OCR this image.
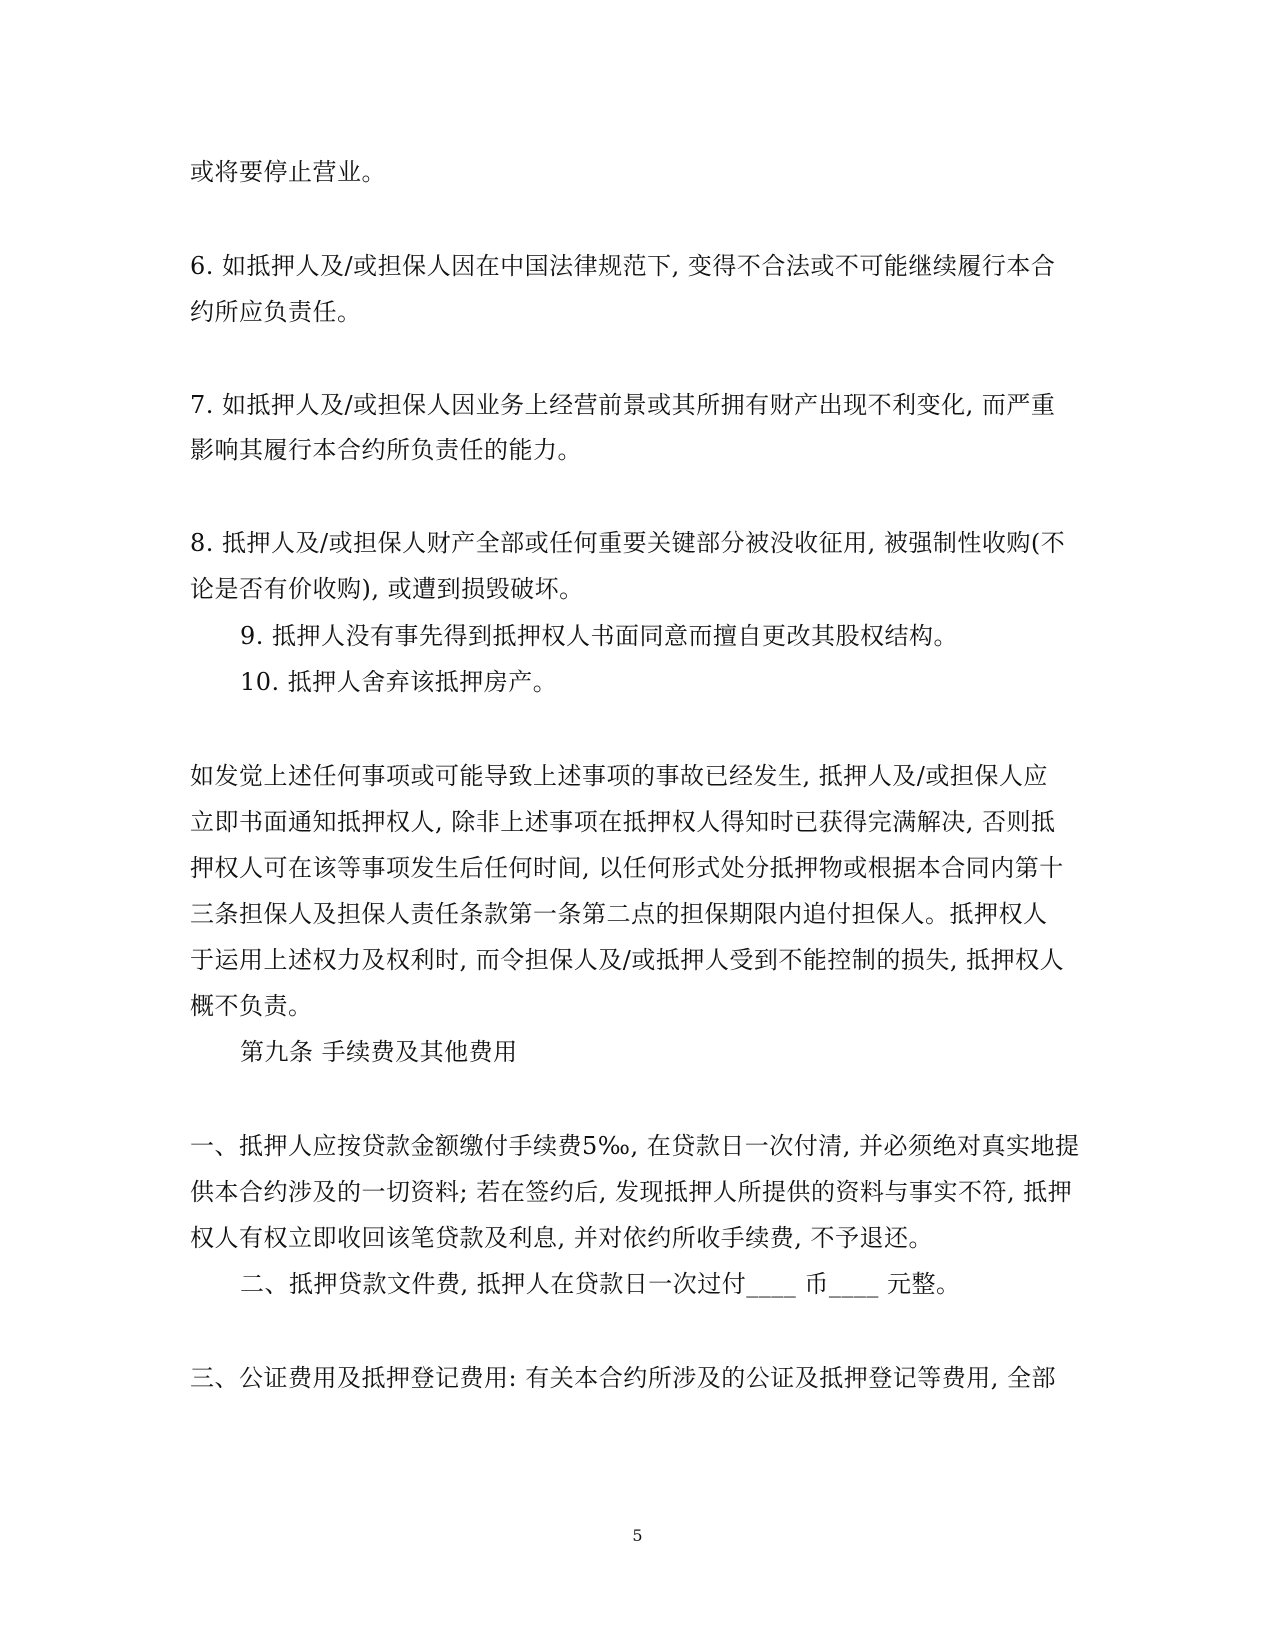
或将要停止营业。
6. 如抵押人及/或担保人因在中国法律规范下, 变得不合法或不可能继续履行本合
约所应负责任。
7. 如抵押人及/或担保人因业务上经营前景或其所拥有财产出现不利变化, 而严重
影响其履行本合约所负责任的能力。
8. 抵押人及/或担保人财产全部或任何重要关键部分被没收征用, 被强制性收购(不
论是否有价收购), 或遭到损毁破坏。
9. 抵押人没有事先得到抵押权人书面同意而擅自更改其股权结构。
10. 抵押人舍弃该抵押房产。
如发觉上述任何事项或可能导致上述事项的事故已经发生, 抵押人及/或担保人应
立即书面通知抵押权人, 除非上述事项在抵押权人得知时已获得完满解决, 否则抵
押权人可在该等事项发生后任何时间, 以任何形式处分抵押物或根据本合同内第十
三条担保人及担保人责任条款第一条第二点的担保期限内追付担保人。抵押权人
于运用上述权力及权利时, 而令担保人及/或抵押人受到不能控制的损失, 抵押权人
概不负责。
第九条 手续费及其他费用
一、抵押人应按贷款金额缴付手续费5‰, 在贷款日一次付清, 并必须绝对真实地提
供本合约涉及的一切资料; 若在签约后, 发现抵押人所提供的资料与事实不符, 抵押
权人有权立即收回该笔贷款及利息, 并对依约所收手续费, 不予退还。
二、抵押贷款文件费, 抵押人在贷款日一次过付____ 币____ 元整。
三、公证费用及抵押登记费用: 有关本合约所涉及的公证及抵押登记等费用, 全部
5
